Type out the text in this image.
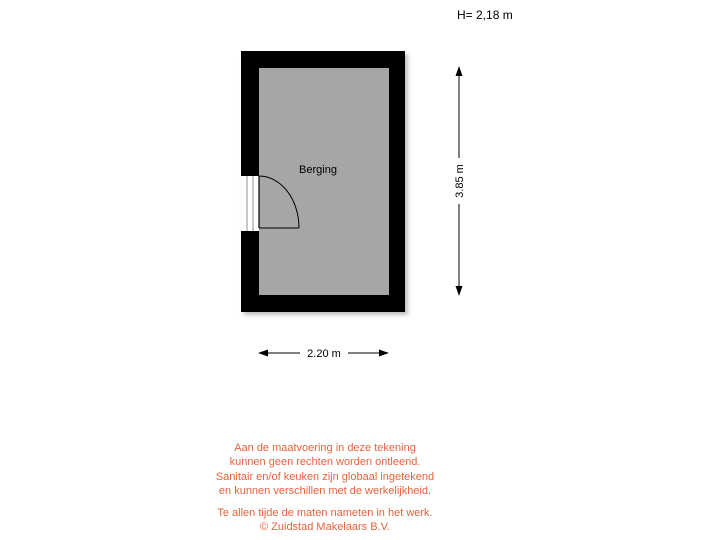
H= 2,18 m
Berging	3.85 m
2.20 m
Aan de maatvoering in deze tekening
kunnen geen rechten worden ontleend.
Sanitair en/of keuken zijn globaal ingetekend
en kunnen verschillen met de werkelijkheid.
Te allen tijde de maten nameten in het werk.
© Zuidstad Makelaars B.V.
